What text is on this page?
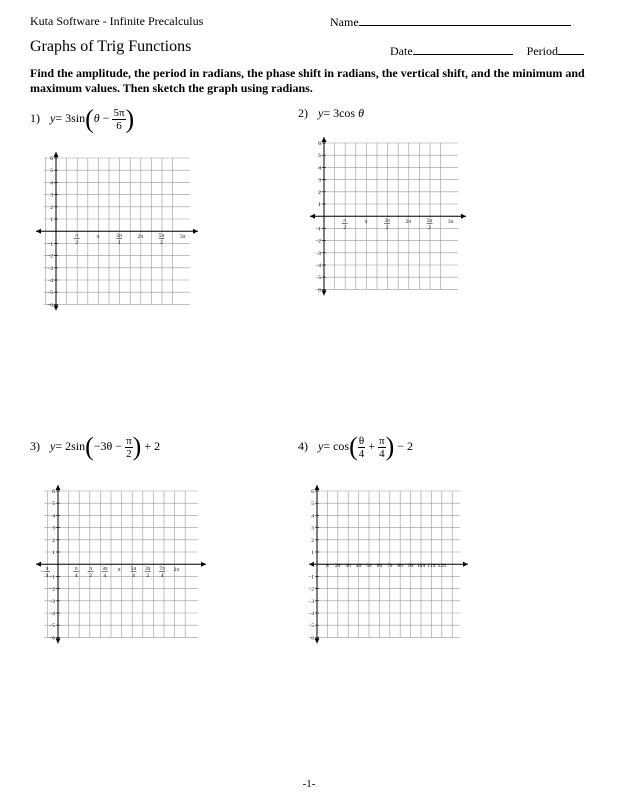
Kuta Software - Infinite Precalculus	Name
Graphs of Trig Functions	Date	Period
Find the amplitude, the period in radians, the phase shift in radians, the vertical shift, and the minimum and maximum values. Then sketch the graph using radians.
1) $y= 3\sin(\theta - \frac{5\pi}{6}$ )	2) y= 3cos θ
3) $y= 2\sin(-3\theta - \frac{\pi}{2}$ ) + 2	4) $y= \cos( \frac{\theta}{4} + \frac{\pi}{4}$ ) − 2
6
5
4
3
2
1
−1
−2
−3
−4
−5
−6
π
2
π	3π
2
2π	5π
2
3π
6
5
4
3
2
1
−1
−2
−3
−4
−5
−6
π
2
π	3π
2
2π	5π
2
3π
6
5
4
3
2
1
−1
−2
−3
−4
−5
−6
π
4
−	π
4
π
2
3π
4
π 5π
4
3π
2
7π
4
2π
6
5
4
3
2
1
−1
−2
−3
−4
−5
−6
π 2π 3π 4π 5π 6π 7π 8π 9π 10π 11π 12π
-1-
